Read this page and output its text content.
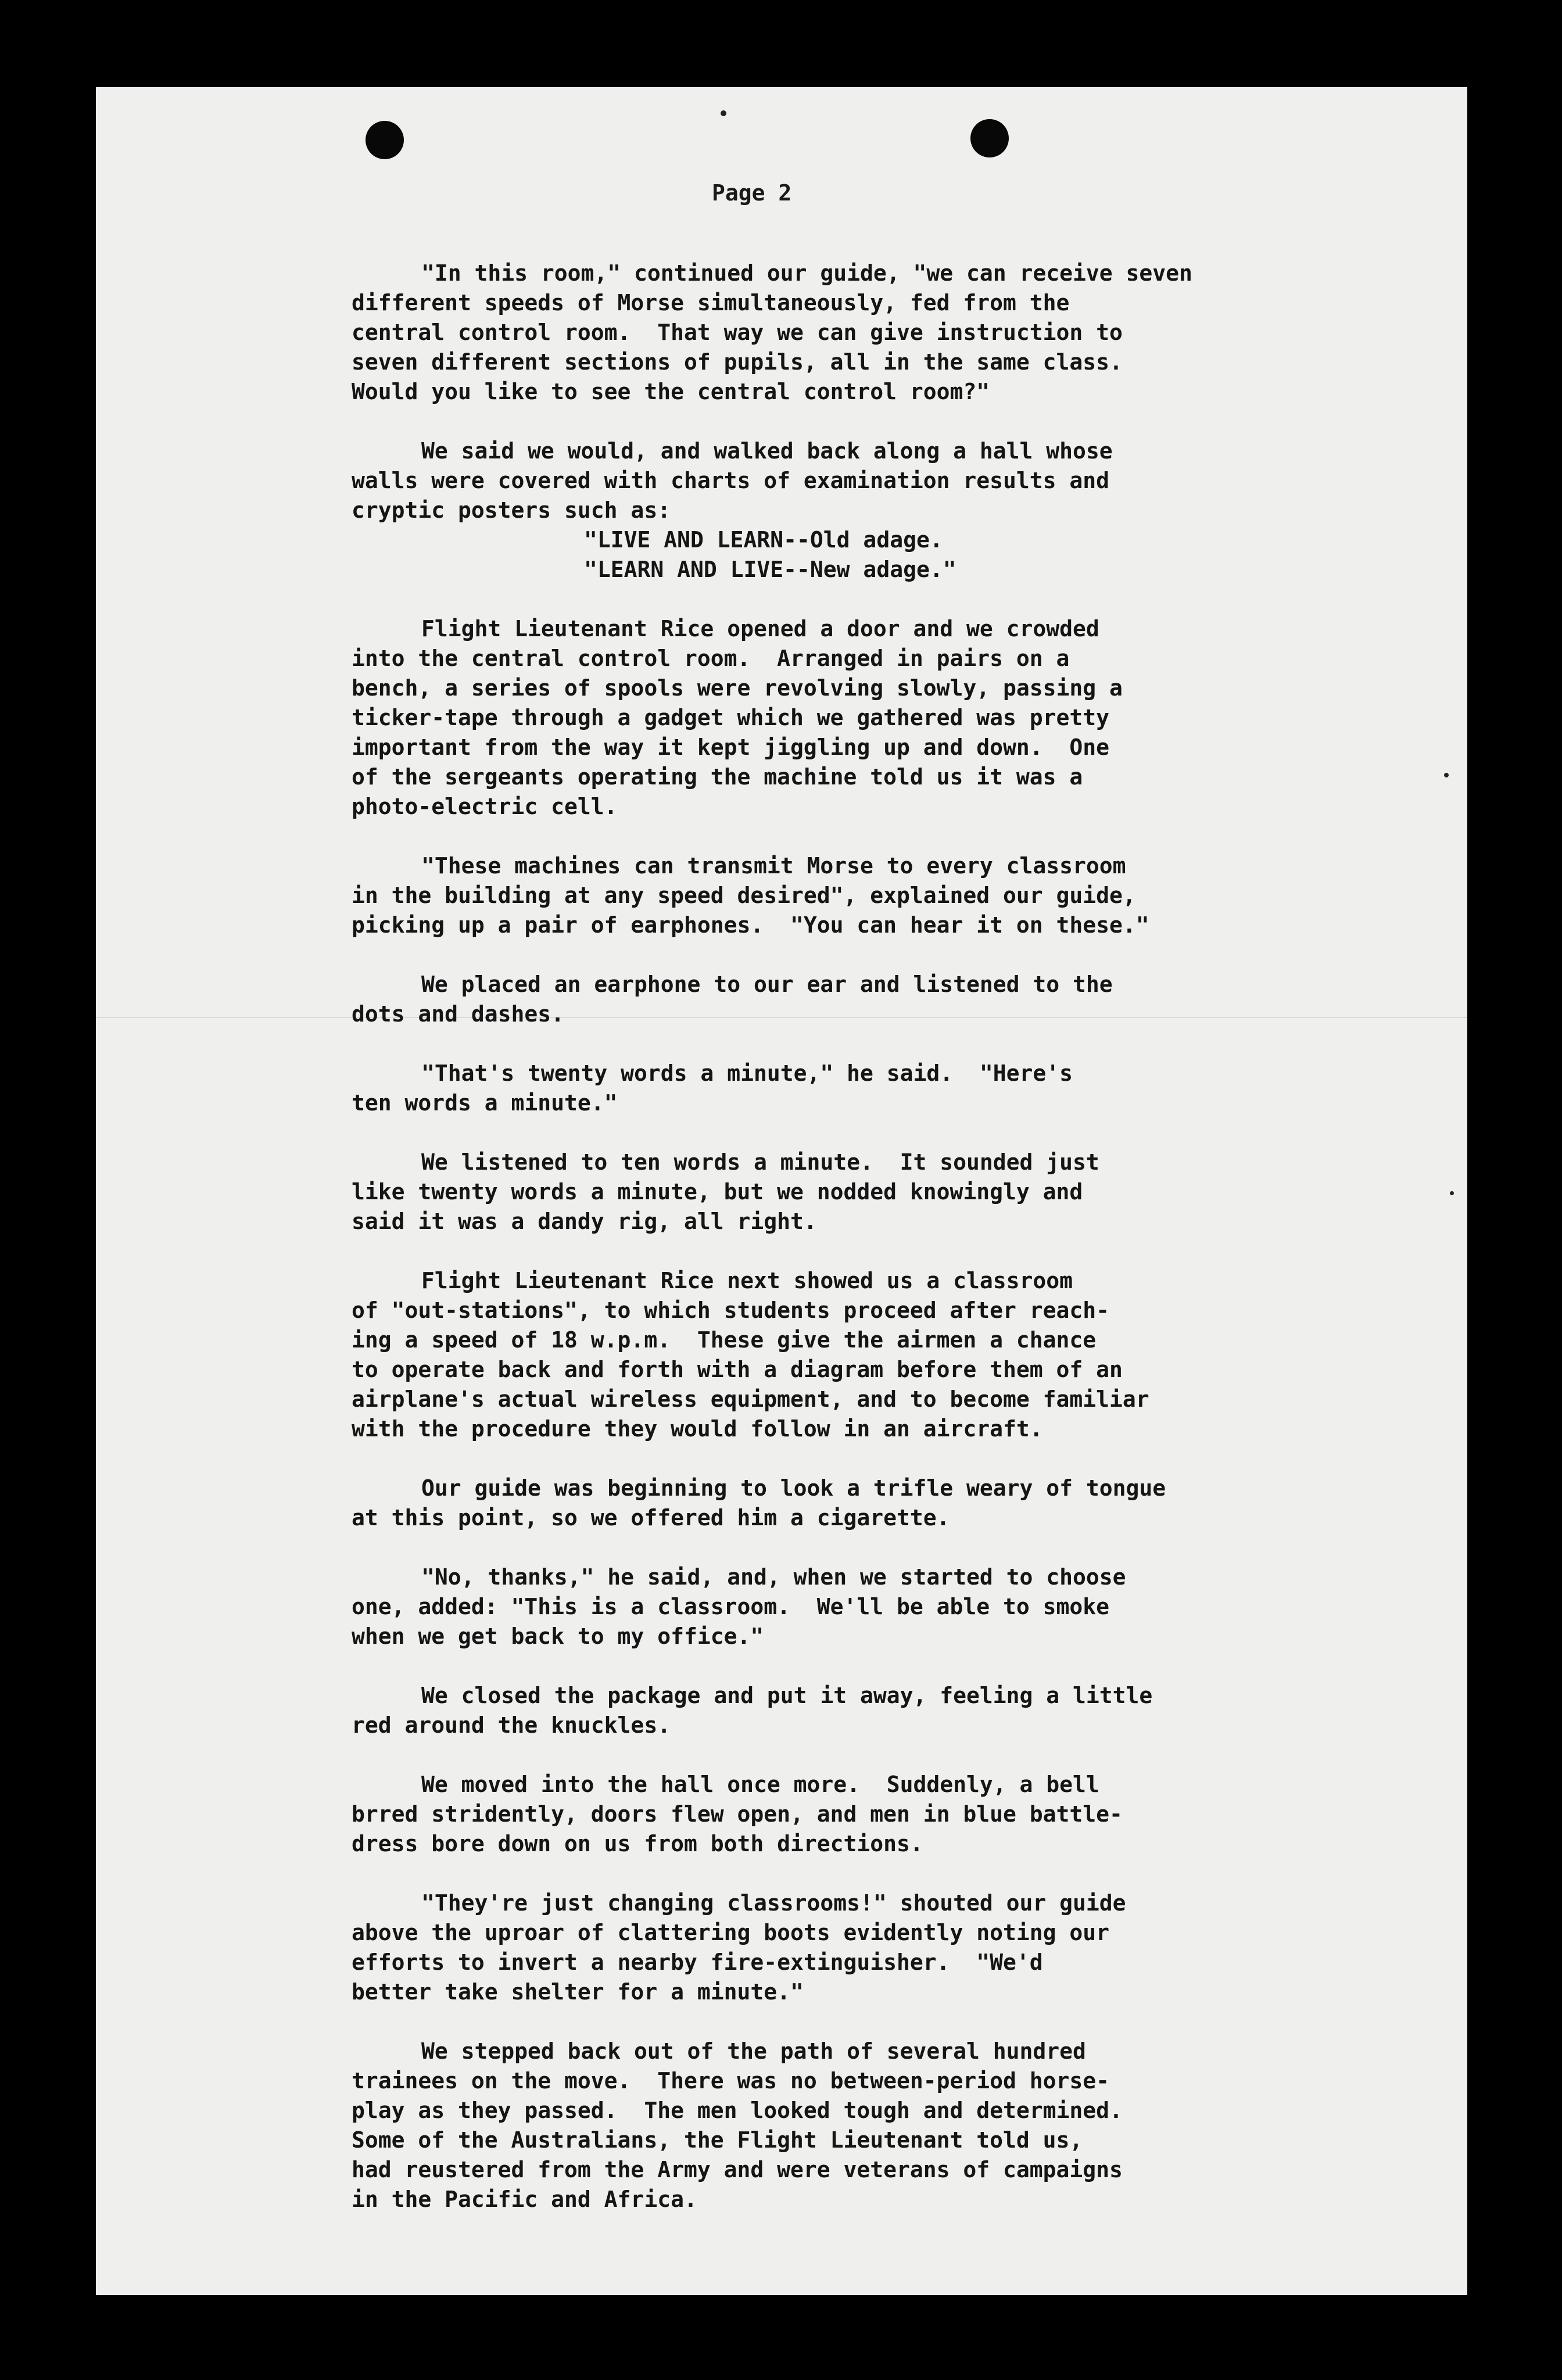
Page 2
"In this room," continued our guide, "we can receive seven
different speeds of Morse simultaneously, fed from the
central control room.  That way we can give instruction to
seven different sections of pupils, all in the same class.
Would you like to see the central control room?"
We said we would, and walked back along a hall whose
walls were covered with charts of examination results and
cryptic posters such as:
"LIVE AND LEARN--Old adage.
"LEARN AND LIVE--New adage."
Flight Lieutenant Rice opened a door and we crowded
into the central control room.  Arranged in pairs on a
bench, a series of spools were revolving slowly, passing a
ticker-tape through a gadget which we gathered was pretty
important from the way it kept jiggling up and down.  One
of the sergeants operating the machine told us it was a
photo-electric cell.
"These machines can transmit Morse to every classroom
in the building at any speed desired", explained our guide,
picking up a pair of earphones.  "You can hear it on these."
We placed an earphone to our ear and listened to the
dots and dashes.
"That's twenty words a minute," he said.  "Here's
ten words a minute."
We listened to ten words a minute.  It sounded just
like twenty words a minute, but we nodded knowingly and
said it was a dandy rig, all right.
Flight Lieutenant Rice next showed us a classroom
of "out-stations", to which students proceed after reach-
ing a speed of 18 w.p.m.  These give the airmen a chance
to operate back and forth with a diagram before them of an
airplane's actual wireless equipment, and to become familiar
with the procedure they would follow in an aircraft.
Our guide was beginning to look a trifle weary of tongue
at this point, so we offered him a cigarette.
"No, thanks," he said, and, when we started to choose
one, added: "This is a classroom.  We'll be able to smoke
when we get back to my office."
We closed the package and put it away, feeling a little
red around the knuckles.
We moved into the hall once more.  Suddenly, a bell
brred stridently, doors flew open, and men in blue battle-
dress bore down on us from both directions.
"They're just changing classrooms!" shouted our guide
above the uproar of clattering boots evidently noting our
efforts to invert a nearby fire-extinguisher.  "We'd
better take shelter for a minute."
We stepped back out of the path of several hundred
trainees on the move.  There was no between-period horse-
play as they passed.  The men looked tough and determined.
Some of the Australians, the Flight Lieutenant told us,
had reustered from the Army and were veterans of campaigns
in the Pacific and Africa.
